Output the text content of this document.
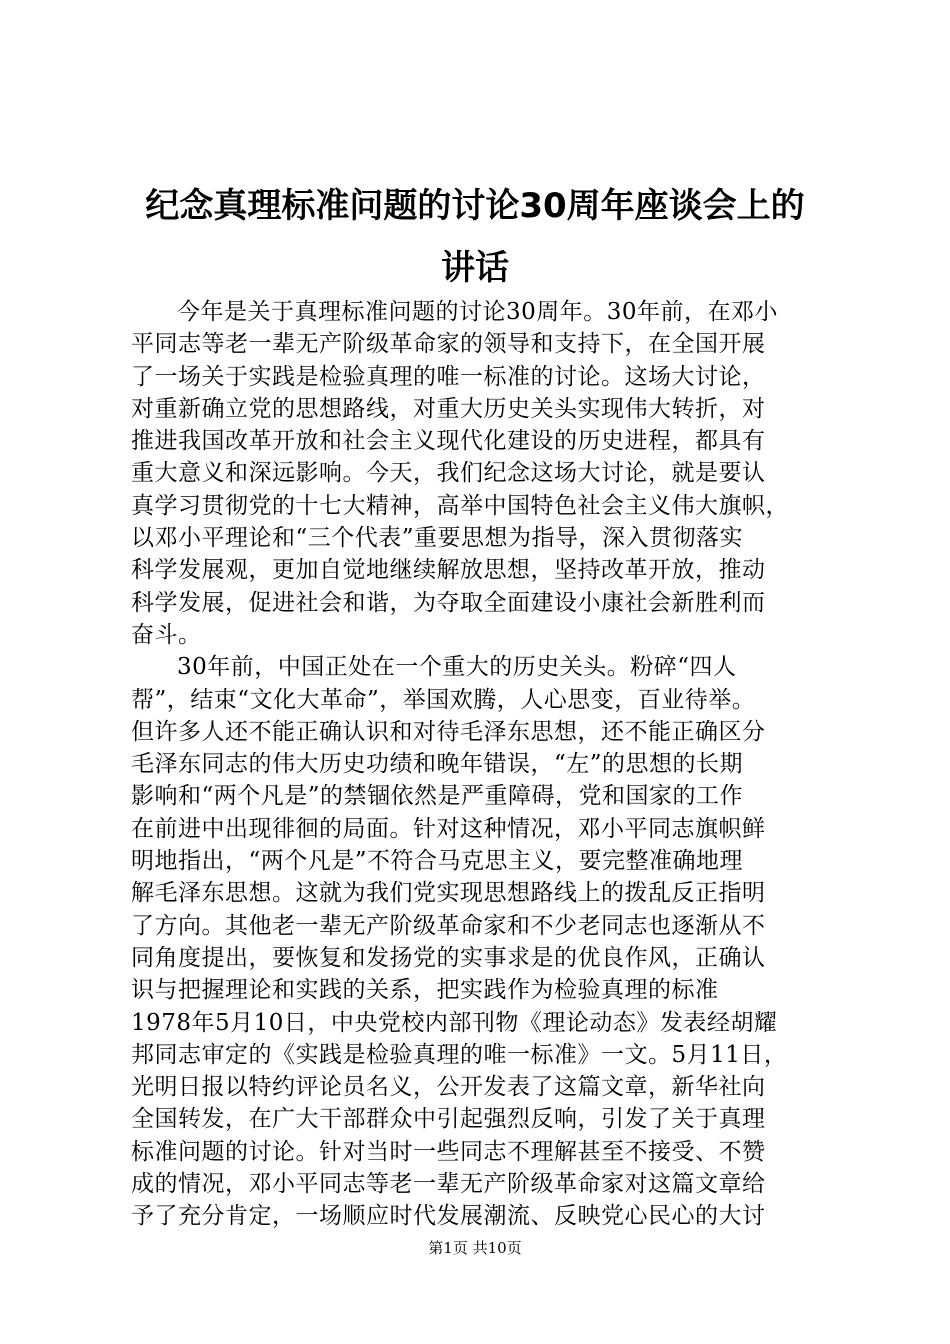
纪念真理标准问题的讨论30周年座谈会上的
讲话
今年是关于真理标准问题的讨论30周年。30年前，在邓小
平同志等老一辈无产阶级革命家的领导和支持下，在全国开展
了一场关于实践是检验真理的唯一标准的讨论。这场大讨论，
对重新确立党的思想路线，对重大历史关头实现伟大转折，对
推进我国改革开放和社会主义现代化建设的历史进程，都具有
重大意义和深远影响。今天，我们纪念这场大讨论，就是要认
真学习贯彻党的十七大精神，高举中国特色社会主义伟大旗帜，
以邓小平理论和“三个代表”重要思想为指导，深入贯彻落实
科学发展观，更加自觉地继续解放思想，坚持改革开放，推动
科学发展，促进社会和谐，为夺取全面建设小康社会新胜利而
奋斗。
30年前，中国正处在一个重大的历史关头。粉碎“四人
帮”，结束“文化大革命”，举国欢腾，人心思变，百业待举。
但许多人还不能正确认识和对待毛泽东思想，还不能正确区分
毛泽东同志的伟大历史功绩和晚年错误，“左”的思想的长期
影响和“两个凡是”的禁锢依然是严重障碍，党和国家的工作
在前进中出现徘徊的局面。针对这种情况，邓小平同志旗帜鲜
明地指出，“两个凡是”不符合马克思主义，要完整准确地理
解毛泽东思想。这就为我们党实现思想路线上的拨乱反正指明
了方向。其他老一辈无产阶级革命家和不少老同志也逐渐从不
同角度提出，要恢复和发扬党的实事求是的优良作风，正确认
识与把握理论和实践的关系，把实践作为检验真理的标准
1978年5月10日，中央党校内部刊物《理论动态》发表经胡耀
邦同志审定的《实践是检验真理的唯一标准》一文。5月11日，
光明日报以特约评论员名义，公开发表了这篇文章，新华社向
全国转发，在广大干部群众中引起强烈反响，引发了关于真理
标准问题的讨论。针对当时一些同志不理解甚至不接受、不赞
成的情况，邓小平同志等老一辈无产阶级革命家对这篇文章给
予了充分肯定，一场顺应时代发展潮流、反映党心民心的大讨
第1页 共10页
